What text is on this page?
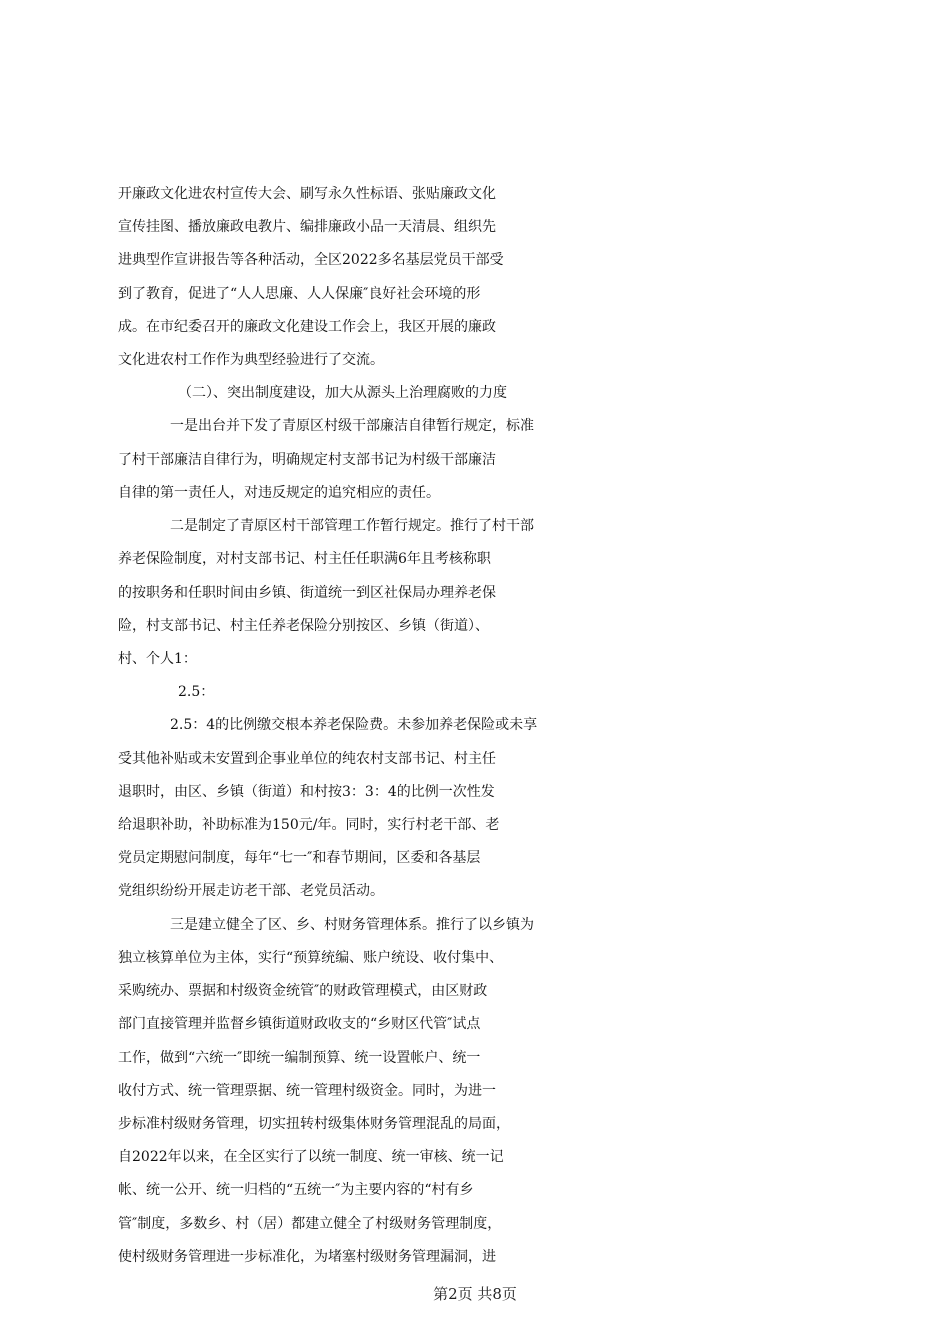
开廉政文化进农村宣传大会、刷写永久性标语、张贴廉政文化
宣传挂图、播放廉政电教片、编排廉政小品一天清晨、组织先
进典型作宣讲报告等各种活动，全区2022多名基层党员干部受
到了教育，促进了“人人思廉、人人保廉″良好社会环境的形
成。在市纪委召开的廉政文化建设工作会上，我区开展的廉政
文化进农村工作作为典型经验进行了交流。
（二）、突出制度建设，加大从源头上治理腐败的力度
一是出台并下发了青原区村级干部廉洁自律暂行规定，标准
了村干部廉洁自律行为，明确规定村支部书记为村级干部廉洁
自律的第一责任人，对违反规定的追究相应的责任。
二是制定了青原区村干部管理工作暂行规定。推行了村干部
养老保险制度，对村支部书记、村主任任职满6年且考核称职
的按职务和任职时间由乡镇、街道统一到区社保局办理养老保
险，村支部书记、村主任养老保险分别按区、乡镇（街道）、
村、个人1：
2.5：
2.5：4的比例缴交根本养老保险费。未参加养老保险或未享
受其他补贴或未安置到企事业单位的纯农村支部书记、村主任
退职时，由区、乡镇（街道）和村按3：3：4的比例一次性发
给退职补助，补助标准为150元/年。同时，实行村老干部、老
党员定期慰问制度，每年“七一″和春节期间，区委和各基层
党组织纷纷开展走访老干部、老党员活动。
三是建立健全了区、乡、村财务管理体系。推行了以乡镇为
独立核算单位为主体，实行“预算统编、账户统设、收付集中、
采购统办、票据和村级资金统管″的财政管理模式，由区财政
部门直接管理并监督乡镇街道财政收支的“乡财区代管″试点
工作，做到“六统一″即统一编制预算、统一设置帐户、统一
收付方式、统一管理票据、统一管理村级资金。同时，为进一
步标准村级财务管理，切实扭转村级集体财务管理混乱的局面，
自2022年以来，在全区实行了以统一制度、统一审核、统一记
帐、统一公开、统一归档的“五统一″为主要内容的“村有乡
管″制度，多数乡、村（居）都建立健全了村级财务管理制度，
使村级财务管理进一步标准化，为堵塞村级财务管理漏洞，进
第2页 共8页
